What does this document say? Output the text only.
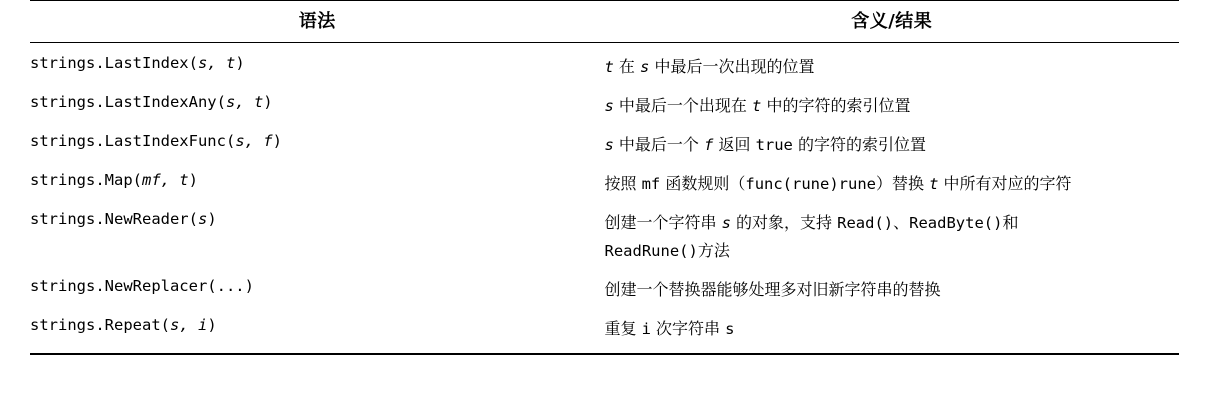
语法	含义/结果
strings.LastIndex(s, t)	t 在 s 中最后一次出现的位置
strings.LastIndexAny(s, t)	s 中最后一个出现在 t 中的字符的索引位置
strings.LastIndexFunc(s, f)	s 中最后一个 f 返回 true 的字符的索引位置
strings.Map(mf, t)	按照 mf 函数规则（func(rune)rune）替换 t 中所有对应的字符
strings.NewReader(s)	创建一个字符串 s 的对象，支持 Read()、ReadByte()和
ReadRune()方法
strings.NewReplacer(...)	创建一个替换器能够处理多对旧新字符串的替换
strings.Repeat(s, i)	重复 i 次字符串 s
